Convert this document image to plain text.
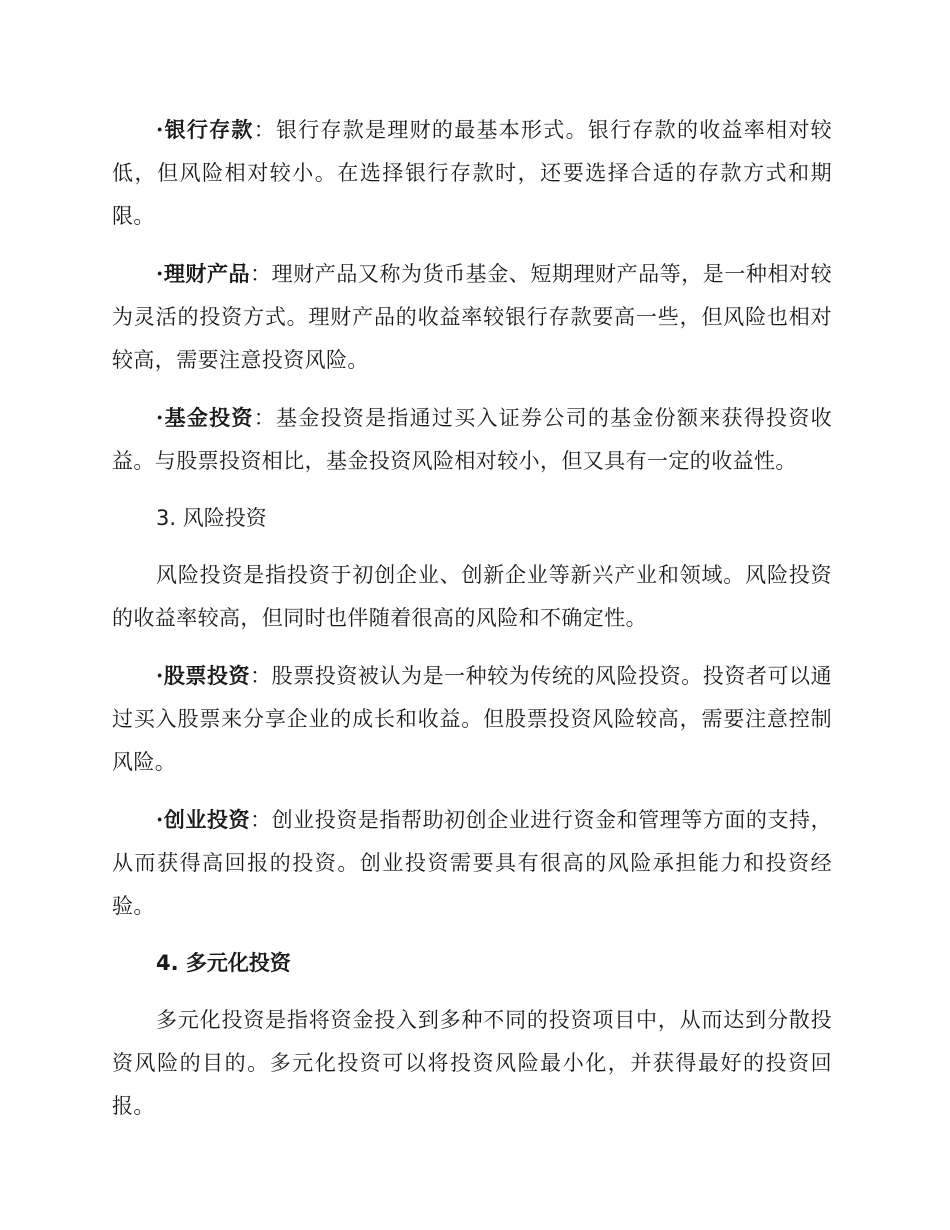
·银行存款：银行存款是理财的最基本形式。银行存款的收益率相对较低，但风险相对较小。在选择银行存款时，还要选择合适的存款方式和期限。

·理财产品：理财产品又称为货币基金、短期理财产品等，是一种相对较为灵活的投资方式。理财产品的收益率较银行存款要高一些，但风险也相对较高，需要注意投资风险。

·基金投资：基金投资是指通过买入证券公司的基金份额来获得投资收益。与股票投资相比，基金投资风险相对较小，但又具有一定的收益性。

3. 风险投资

风险投资是指投资于初创企业、创新企业等新兴产业和领域。风险投资的收益率较高，但同时也伴随着很高的风险和不确定性。

·股票投资：股票投资被认为是一种较为传统的风险投资。投资者可以通过买入股票来分享企业的成长和收益。但股票投资风险较高，需要注意控制风险。

·创业投资：创业投资是指帮助初创企业进行资金和管理等方面的支持，从而获得高回报的投资。创业投资需要具有很高的风险承担能力和投资经验。

4. 多元化投资

多元化投资是指将资金投入到多种不同的投资项目中，从而达到分散投资风险的目的。多元化投资可以将投资风险最小化，并获得最好的投资回报。
